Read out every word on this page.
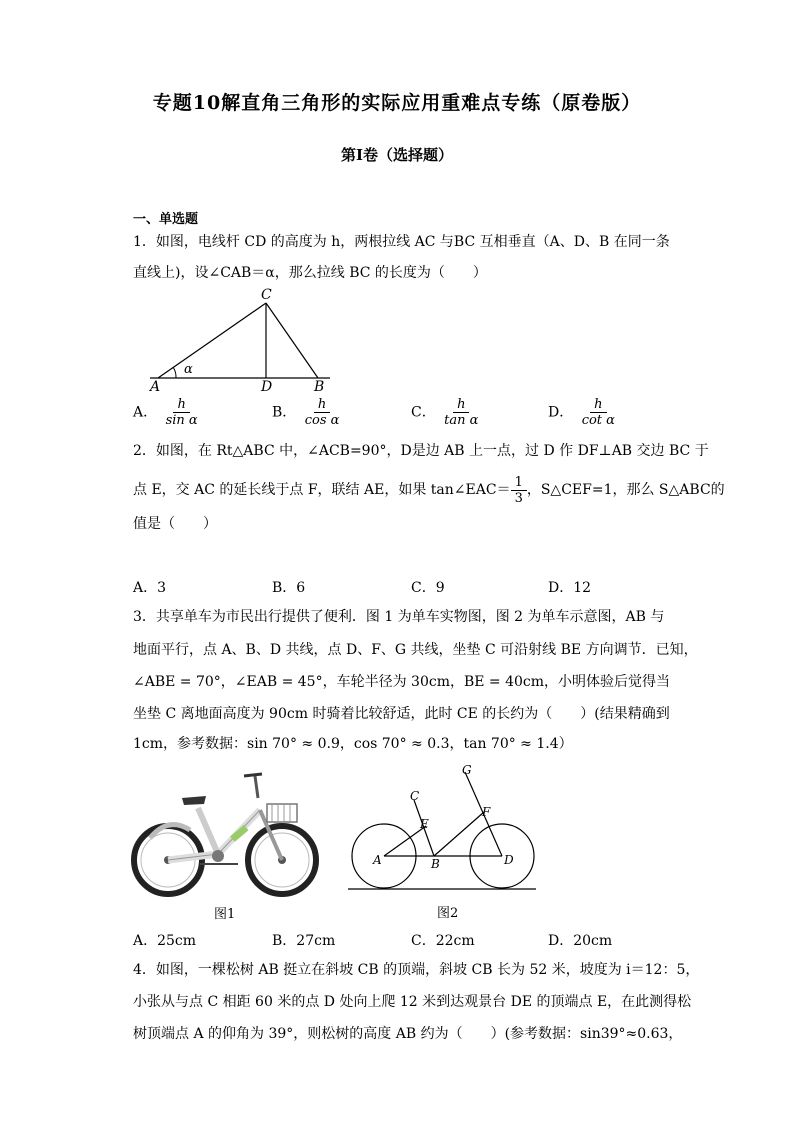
专题10解直角三角形的实际应用重难点专练（原卷版）
第I卷（选择题）
一、单选题
1．如图，电线杆 CD 的高度为 h，两根拉线 AC 与BC 互相垂直（A、D、B 在同一条
直线上)，设∠CAB＝α，那么拉线 BC 的长度为（　　）
C
A	D	B
α
A． $\frac{h}{\text{sin α}}$	B． $\frac{h}{\text{cos α}}$	C． $\frac{h}{\text{tan α}}$	D． $\frac{h}{\text{cot α}}$
2．如图，在 Rt△ABC 中，∠ACB=90°，D是边 AB 上一点，过 D 作 DF⊥AB 交边 BC 于
点 E，交 AC 的延长线于点 F，联结 AE，如果 tan∠EAC＝ $\frac{1}{3}$ ，S△CEF=1，那么 S△ABC的
值是（　　）
A．3	B．6	C．9	D．12
3．共享单车为市民出行提供了便利．图 1 为单车实物图，图 2 为单车示意图，AB 与
地面平行，点 A、B、D 共线，点 D、F、G 共线，坐垫 C 可沿射线 BE 方向调节．已知，
∠ABE = 70°，∠EAB = 45°，车轮半径为 30cm，BE = 40cm，小明体验后觉得当
坐垫 C 离地面高度为 90cm 时骑着比较舒适，此时 CE 的长约为（　　）(结果精确到
1cm，参考数据：sin 70° ≈ 0.9，cos 70° ≈ 0.3，tan 70° ≈ 1.4）
图1
C
E
A	B	D
F
G
图2
A．25cm	B．27cm	C．22cm	D．20cm
4．如图，一棵松树 AB 挺立在斜坡 CB 的顶端，斜坡 CB 长为 52 米，坡度为 i＝12：5，
小张从与点 C 相距 60 米的点 D 处向上爬 12 米到达观景台 DE 的顶端点 E，在此测得松
树顶端点 A 的仰角为 39°，则松树的高度 AB 约为（　　）(参考数据：sin39°≈0.63，
